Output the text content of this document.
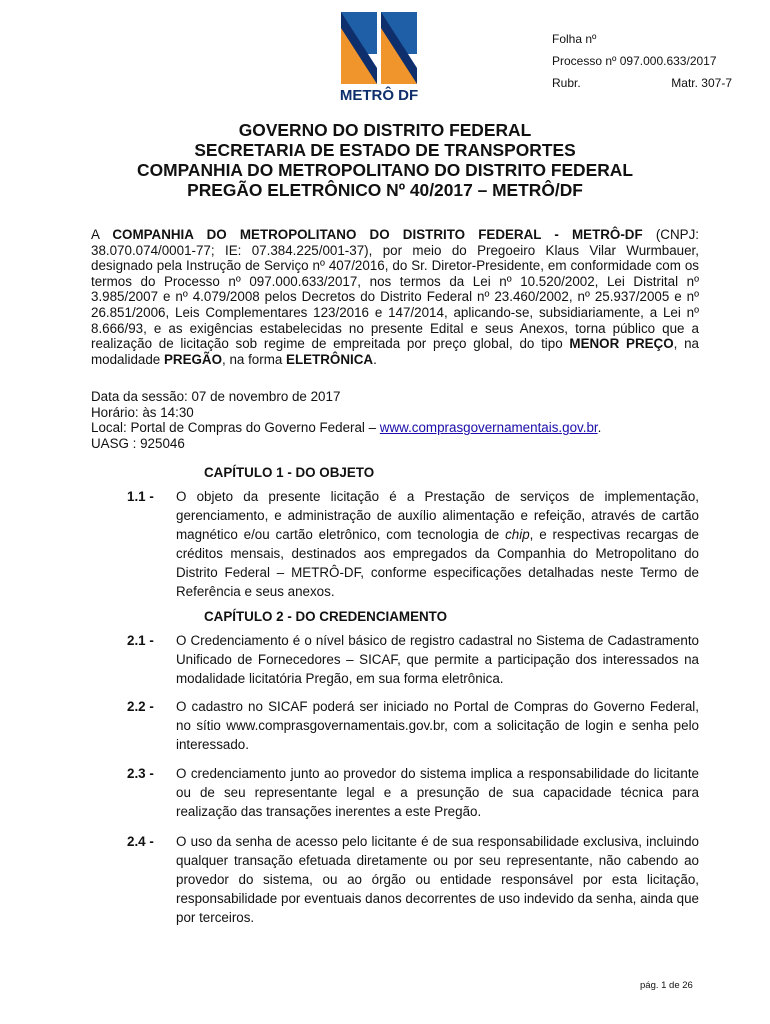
METRÔ DF
Folha nº
Processo nº 097.000.633/2017
Rubr.	Matr. 307-7
GOVERNO DO DISTRITO FEDERAL
SECRETARIA DE ESTADO DE TRANSPORTES
COMPANHIA DO METROPOLITANO DO DISTRITO FEDERAL
PREGÃO ELETRÔNICO Nº 40/2017 – METRÔ/DF
A COMPANHIA DO METROPOLITANO DO DISTRITO FEDERAL - METRÔ-DF (CNPJ: 38.070.074/0001-77; IE: 07.384.225/001-37), por meio do Pregoeiro Klaus Vilar Wurmbauer, designado pela Instrução de Serviço nº 407/2016, do Sr. Diretor-Presidente, em conformidade com os termos do Processo nº 097.000.633/2017, nos termos da Lei nº 10.520/2002, Lei Distrital nº 3.985/2007 e nº 4.079/2008 pelos Decretos do Distrito Federal nº 23.460/2002, nº 25.937/2005 e nº 26.851/2006, Leis Complementares 123/2016 e 147/2014, aplicando-se, subsidiariamente, a Lei nº 8.666/93, e as exigências estabelecidas no presente Edital e seus Anexos, torna público que a realização de licitação sob regime de empreitada por preço global, do tipo MENOR PREÇO, na modalidade PREGÃO, na forma ELETRÔNICA.
Data da sessão: 07 de novembro de 2017
Horário: às 14:30
Local: Portal de Compras do Governo Federal – www.comprasgovernamentais.gov.br.
UASG : 925046
CAPÍTULO 1 - DO OBJETO
1.1 - O objeto da presente licitação é a Prestação de serviços de implementação, gerenciamento, e administração de auxílio alimentação e refeição, através de cartão magnético e/ou cartão eletrônico, com tecnologia de chip, e respectivas recargas de créditos mensais, destinados aos empregados da Companhia do Metropolitano do Distrito Federal – METRÔ-DF, conforme especificações detalhadas neste Termo de Referência e seus anexos.
CAPÍTULO 2 - DO CREDENCIAMENTO
2.1 - O Credenciamento é o nível básico de registro cadastral no Sistema de Cadastramento Unificado de Fornecedores – SICAF, que permite a participação dos interessados na modalidade licitatória Pregão, em sua forma eletrônica.
2.2 - O cadastro no SICAF poderá ser iniciado no Portal de Compras do Governo Federal, no sítio www.comprasgovernamentais.gov.br, com a solicitação de login e senha pelo interessado.
2.3 - O credenciamento junto ao provedor do sistema implica a responsabilidade do licitante ou de seu representante legal e a presunção de sua capacidade técnica para realização das transações inerentes a este Pregão.
2.4 - O uso da senha de acesso pelo licitante é de sua responsabilidade exclusiva, incluindo qualquer transação efetuada diretamente ou por seu representante, não cabendo ao provedor do sistema, ou ao órgão ou entidade responsável por esta licitação, responsabilidade por eventuais danos decorrentes de uso indevido da senha, ainda que por terceiros.
pág. 1 de 26
